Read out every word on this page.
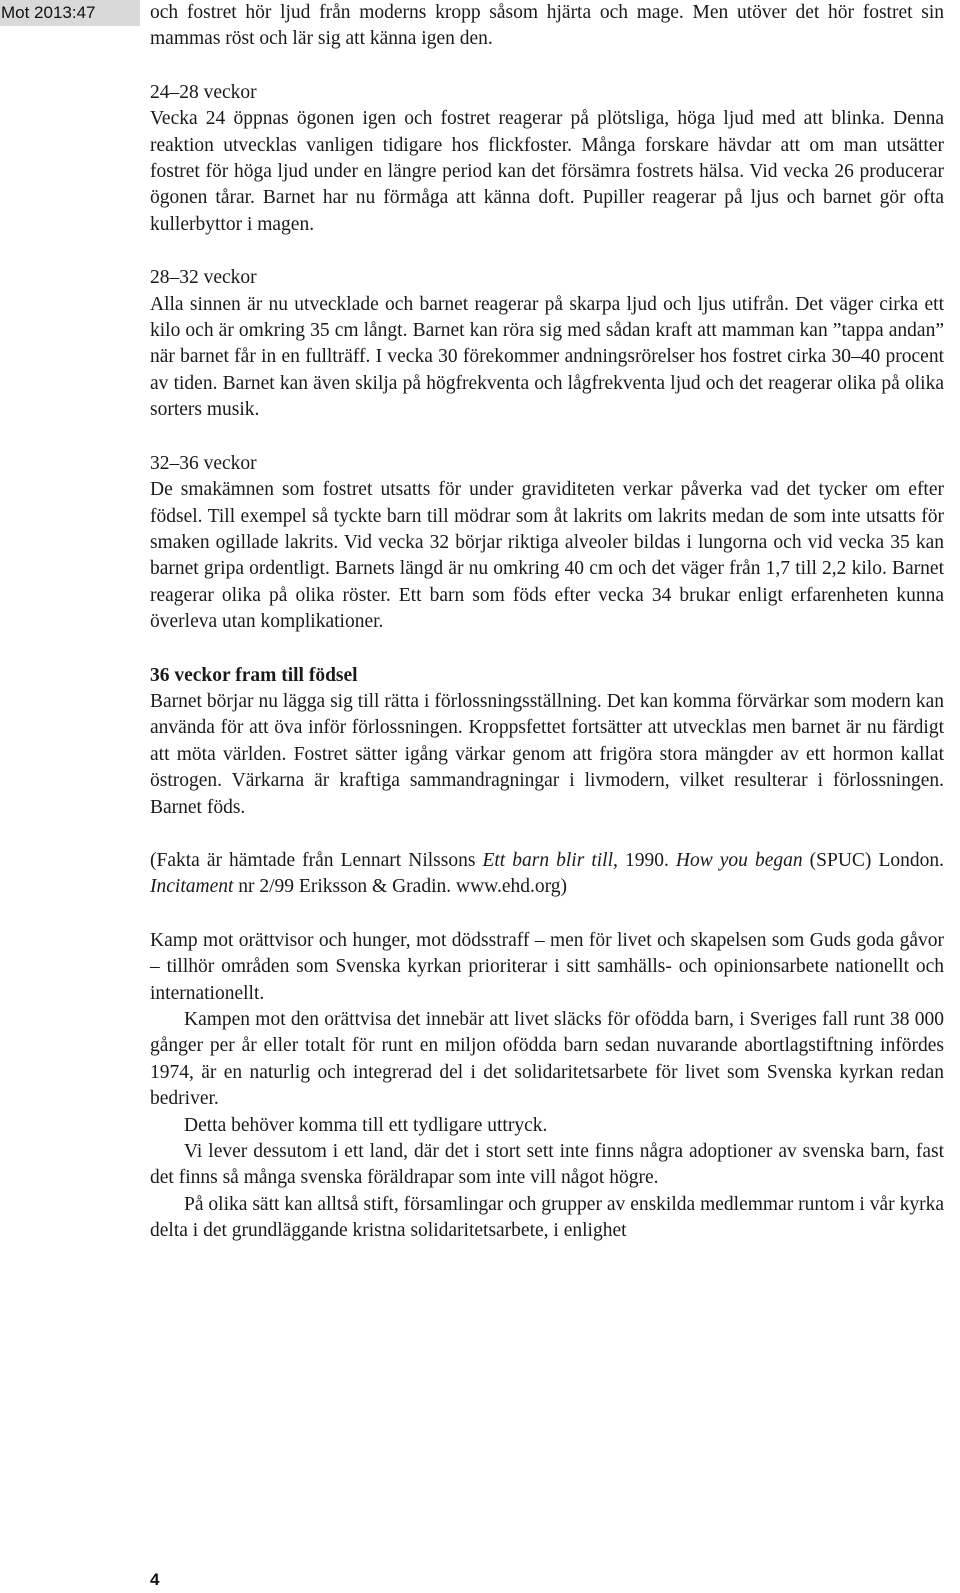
Mot 2013:47	och fostret hör ljud från moderns kropp såsom hjärta och mage. Men utöver det hör fostret sin mammas röst och lär sig att känna igen den.

24–28 veckor

Vecka 24 öppnas ögonen igen och fostret reagerar på plötsliga, höga ljud med att blinka. Denna reaktion utvecklas vanligen tidigare hos flickfoster. Många forskare hävdar att om man utsätter fostret för höga ljud under en längre period kan det försämra fostrets hälsa. Vid vecka 26 producerar ögonen tårar. Barnet har nu förmåga att känna doft. Pupiller reagerar på ljus och barnet gör ofta kullerbyttor i magen.

28–32 veckor

Alla sinnen är nu utvecklade och barnet reagerar på skarpa ljud och ljus utifrån. Det väger cirka ett kilo och är omkring 35 cm långt. Barnet kan röra sig med sådan kraft att mamman kan ”tappa andan” när barnet får in en fullträff. I vecka 30 förekommer andningsrörelser hos fostret cirka 30–40 procent av tiden. Barnet kan även skilja på högfrekventa och lågfrekventa ljud och det reagerar olika på olika sorters musik.

32–36 veckor

De smakämnen som fostret utsatts för under graviditeten verkar påverka vad det tycker om efter födsel. Till exempel så tyckte barn till mödrar som åt lakrits om lakrits medan de som inte utsatts för smaken ogillade lakrits. Vid vecka 32 börjar riktiga alveoler bildas i lungorna och vid vecka 35 kan barnet gripa ordentligt. Barnets längd är nu omkring 40 cm och det väger från 1,7 till 2,2 kilo. Barnet reagerar olika på olika röster. Ett barn som föds efter vecka 34 brukar enligt erfarenheten kunna överleva utan komplikationer.

36 veckor fram till födsel

Barnet börjar nu lägga sig till rätta i förlossningsställning. Det kan komma förvärkar som modern kan använda för att öva inför förlossningen. Kroppsfettet fortsätter att utvecklas men barnet är nu färdigt att möta världen. Fostret sätter igång värkar genom att frigöra stora mängder av ett hormon kallat östrogen. Värkarna är kraftiga sammandragningar i livmodern, vilket resulterar i förlossningen. Barnet föds.

(Fakta är hämtade från Lennart Nilssons Ett barn blir till, 1990. How you began (SPUC) London. Incitament nr 2/99 Eriksson & Gradin. www.ehd.org)

Kamp mot orättvisor och hunger, mot dödsstraff – men för livet och skapelsen som Guds goda gåvor – tillhör områden som Svenska kyrkan prioriterar i sitt samhälls- och opinionsarbete nationellt och internationellt.

Kampen mot den orättvisa det innebär att livet släcks för ofödda barn, i Sveriges fall runt 38 000 gånger per år eller totalt för runt en miljon ofödda barn sedan nuvarande abortlagstiftning infördes 1974, är en naturlig och integrerad del i det solidaritetsarbete för livet som Svenska kyrkan redan bedriver.

Detta behöver komma till ett tydligare uttryck.

Vi lever dessutom i ett land, där det i stort sett inte finns några adoptioner av svenska barn, fast det finns så många svenska föräldrapar som inte vill något högre.

På olika sätt kan alltså stift, församlingar och grupper av enskilda medlemmar runtom i vår kyrka delta i det grundläggande kristna solidaritetsarbete, i enlighet

4
